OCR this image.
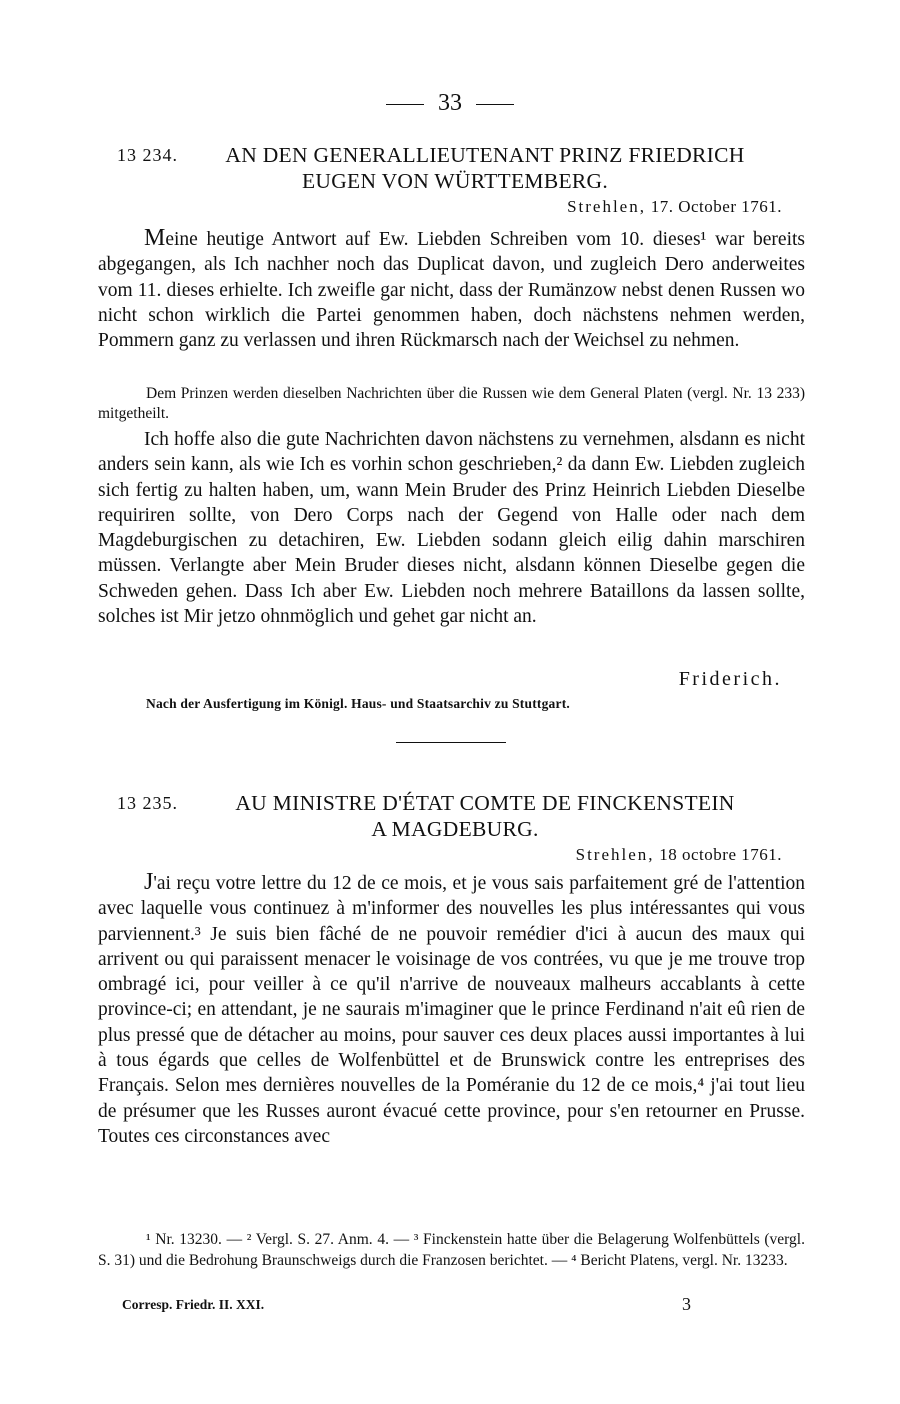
33
13 234.	AN DEN GENERALLIEUTENANT PRINZ FRIEDRICH
EUGEN VON WÜRTTEMBERG.
Strehlen, 17. October 1761.

Meine heutige Antwort auf Ew. Liebden Schreiben vom 10. dieses¹ war bereits abgegangen, als Ich nachher noch das Duplicat davon, und zugleich Dero anderweites vom 11. dieses erhielte. Ich zweifle gar nicht, dass der Rumänzow nebst denen Russen wo nicht schon wirklich die Partei genommen haben, doch nächstens nehmen werden, Pommern ganz zu verlassen und ihren Rückmarsch nach der Weichsel zu nehmen.

Dem Prinzen werden dieselben Nachrichten über die Russen wie dem General Platen (vergl. Nr. 13 233) mitgetheilt.

Ich hoffe also die gute Nachrichten davon nächstens zu vernehmen, alsdann es nicht anders sein kann, als wie Ich es vorhin schon geschrieben,² da dann Ew. Liebden zugleich sich fertig zu halten haben, um, wann Mein Bruder des Prinz Heinrich Liebden Dieselbe requiriren sollte, von Dero Corps nach der Gegend von Halle oder nach dem Magdeburgischen zu detachiren, Ew. Liebden sodann gleich eilig dahin marschiren müssen. Verlangte aber Mein Bruder dieses nicht, alsdann können Dieselbe gegen die Schweden gehen. Dass Ich aber Ew. Liebden noch mehrere Bataillons da lassen sollte, solches ist Mir jetzo ohnmöglich und gehet gar nicht an.

Friderich.
Nach der Ausfertigung im Königl. Haus- und Staatsarchiv zu Stuttgart.
13 235.	AU MINISTRE D'ÉTAT COMTE DE FINCKENSTEIN
A MAGDEBURG.
Strehlen, 18 octobre 1761.

J'ai reçu votre lettre du 12 de ce mois, et je vous sais parfaitement gré de l'attention avec laquelle vous continuez à m'informer des nouvelles les plus intéressantes qui vous parviennent.³ Je suis bien fâché de ne pouvoir remédier d'ici à aucun des maux qui arrivent ou qui paraissent menacer le voisinage de vos contrées, vu que je me trouve trop ombragé ici, pour veiller à ce qu'il n'arrive de nouveaux malheurs accablants à cette province-ci; en attendant, je ne saurais m'imaginer que le prince Ferdinand n'ait eû rien de plus pressé que de détacher au moins, pour sauver ces deux places aussi importantes à lui à tous égards que celles de Wolfenbüttel et de Brunswick contre les entreprises des Français. Selon mes dernières nouvelles de la Poméranie du 12 de ce mois,⁴ j'ai tout lieu de présumer que les Russes auront évacué cette province, pour s'en retourner en Prusse. Toutes ces circonstances avec

¹ Nr. 13230. — ² Vergl. S. 27. Anm. 4. — ³ Finckenstein hatte über die Belagerung Wolfenbüttels (vergl. S. 31) und die Bedrohung Braunschweigs durch die Franzosen berichtet. — ⁴ Bericht Platens, vergl. Nr. 13233.

Corresp. Friedr. II. XXI.	3
